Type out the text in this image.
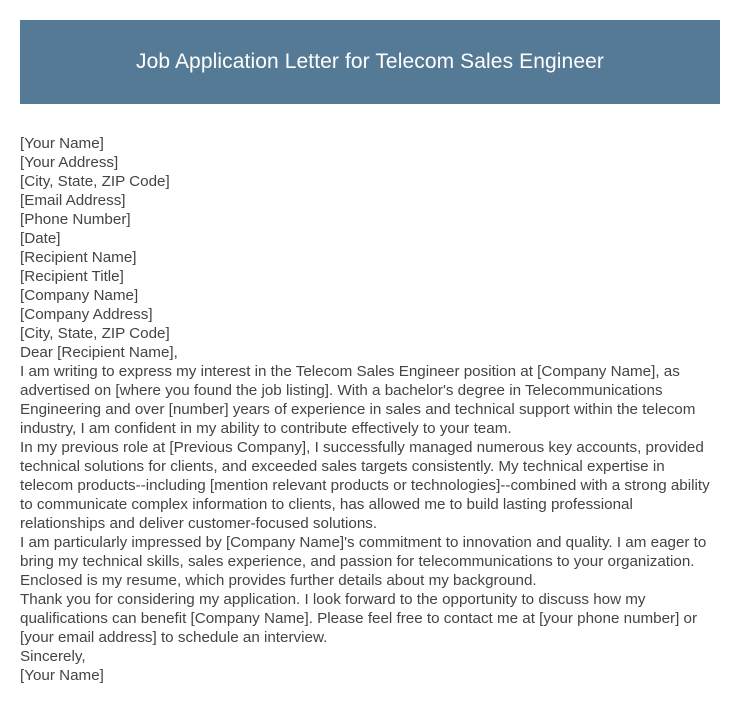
Job Application Letter for Telecom Sales Engineer
[Your Name]
[Your Address]
[City, State, ZIP Code]
[Email Address]
[Phone Number]
[Date]
[Recipient Name]
[Recipient Title]
[Company Name]
[Company Address]
[City, State, ZIP Code]
Dear [Recipient Name],
I am writing to express my interest in the Telecom Sales Engineer position at [Company Name], as advertised on [where you found the job listing]. With a bachelor's degree in Telecommunications Engineering and over [number] years of experience in sales and technical support within the telecom industry, I am confident in my ability to contribute effectively to your team.
In my previous role at [Previous Company], I successfully managed numerous key accounts, provided technical solutions for clients, and exceeded sales targets consistently. My technical expertise in telecom products--including [mention relevant products or technologies]--combined with a strong ability to communicate complex information to clients, has allowed me to build lasting professional relationships and deliver customer-focused solutions.
I am particularly impressed by [Company Name]'s commitment to innovation and quality. I am eager to bring my technical skills, sales experience, and passion for telecommunications to your organization. Enclosed is my resume, which provides further details about my background.
Thank you for considering my application. I look forward to the opportunity to discuss how my qualifications can benefit [Company Name]. Please feel free to contact me at [your phone number] or [your email address] to schedule an interview.
Sincerely,
[Your Name]
